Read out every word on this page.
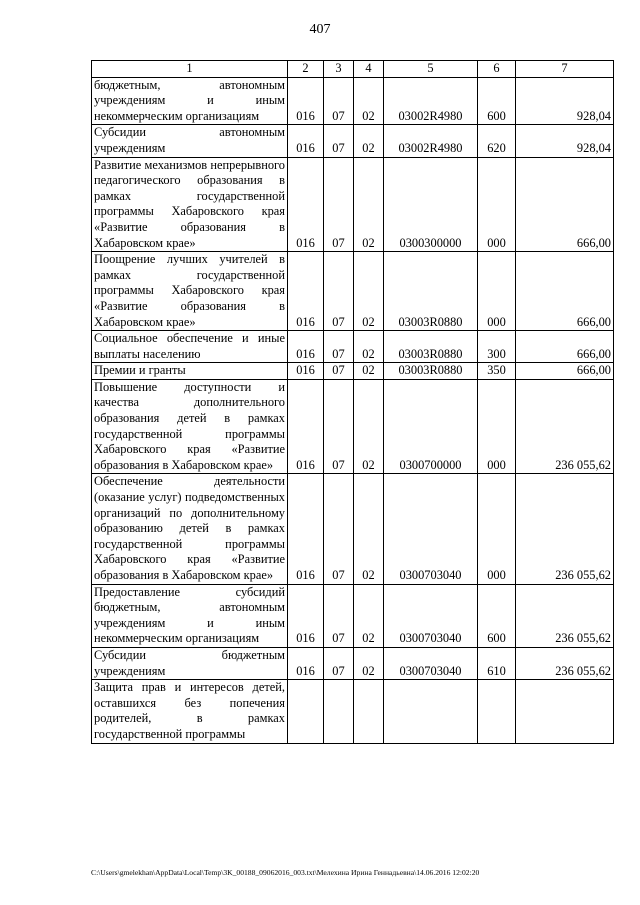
407
1	2	3	4	5	6	7
бюджетным, автономным учреждениям и иным некоммерческим организациям	016	07	02	03002R4980	600	928,04
Субсидии автономным учреждениям	016	07	02	03002R4980	620	928,04
Развитие механизмов непрерывного педагогического образования в рамках государственной программы Хабаровского края «Развитие образования в Хабаровском крае»	016	07	02	0300300000	000	666,00
Поощрение лучших учителей в рамках государственной программы Хабаровского края «Развитие образования в Хабаровском крае»	016	07	02	03003R0880	000	666,00
Социальное обеспечение и иные выплаты населению	016	07	02	03003R0880	300	666,00
Премии и гранты	016	07	02	03003R0880	350	666,00
Повышение доступности и качества дополнительного образования детей в рамках государственной программы Хабаровского края «Развитие образования в Хабаровском крае»	016	07	02	0300700000	000	236 055,62
Обеспечение деятельности (оказание услуг) подведомственных организаций по дополнительному образованию детей в рамках государственной программы Хабаровского края «Развитие образования в Хабаровском крае»	016	07	02	0300703040	000	236 055,62
Предоставление субсидий бюджетным, автономным учреждениям и иным некоммерческим организациям	016	07	02	0300703040	600	236 055,62
Субсидии бюджетным учреждениям	016	07	02	0300703040	610	236 055,62
Защита прав и интересов детей, оставшихся без попечения родителей, в рамках государственной программы						
C:\Users\gmelekhan\AppData\Local\Temp\3K_00188_09062016_003.txt\Мелехина Ирина Геннадьевна\14.06.2016 12:02:20
